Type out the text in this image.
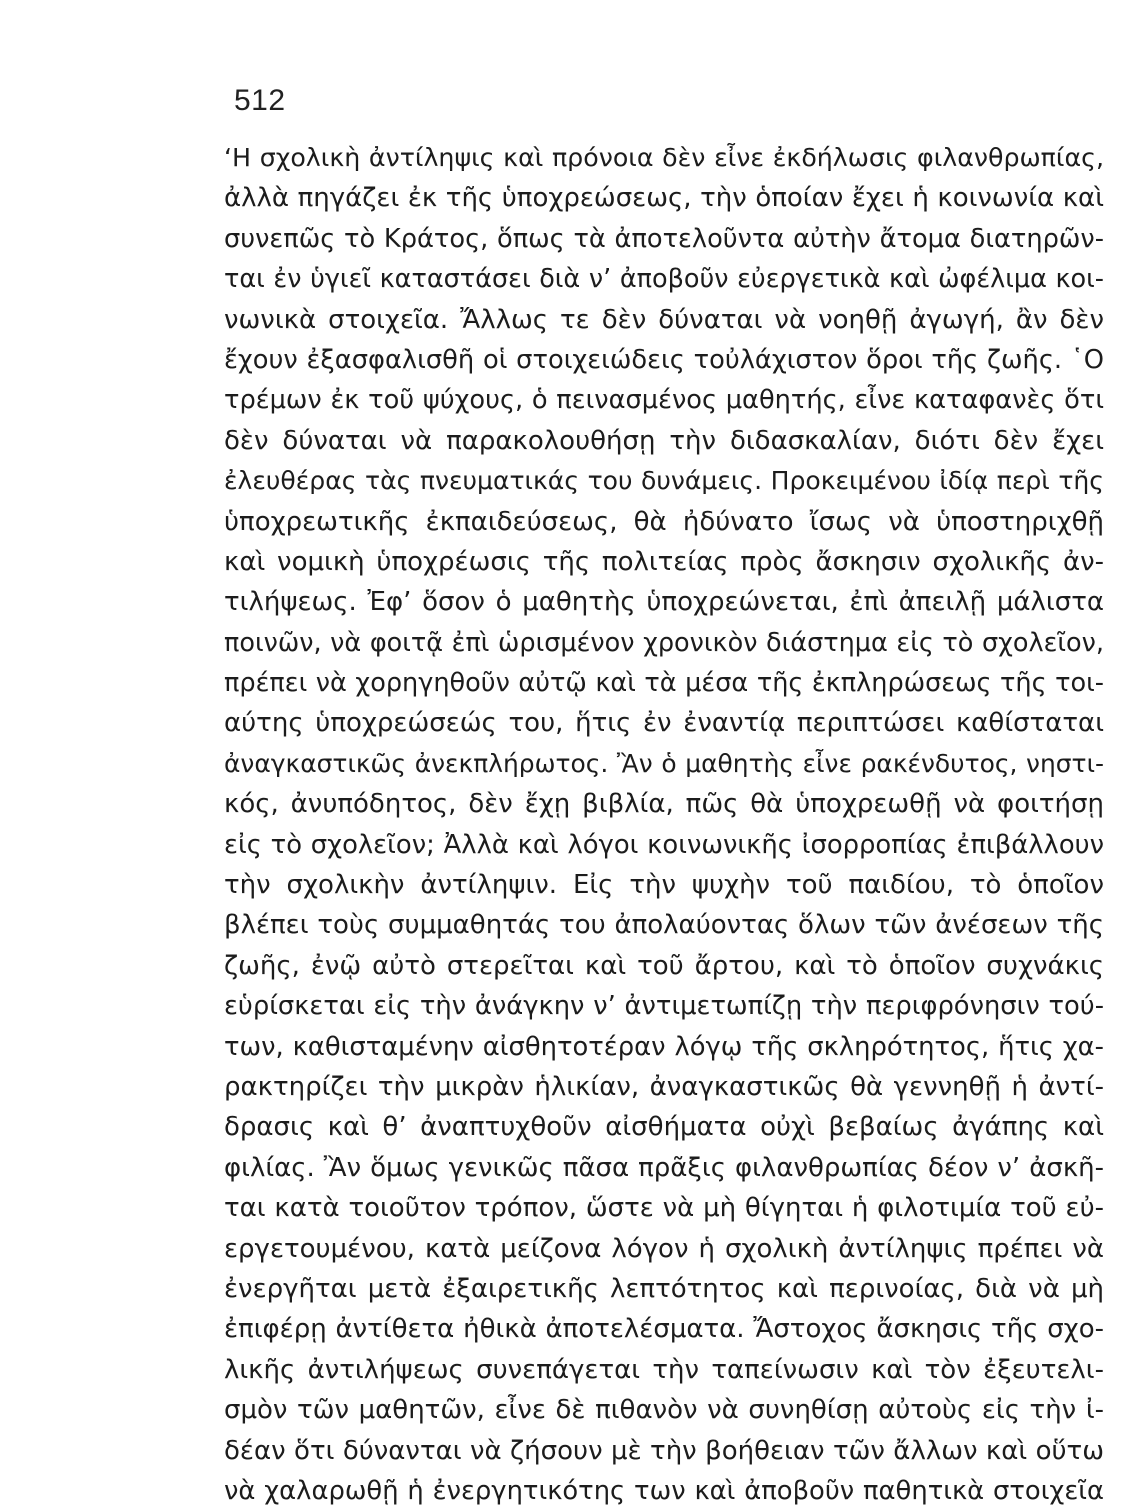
512
‘Η σχολικὴ ἀντίληψις καὶ πρόνοια δὲν εἶνε ἐκδήλωσις φιλανθρωπίας,
ἀλλὰ πηγάζει ἐκ τῆς ὑποχρεώσεως, τὴν ὁποίαν ἔχει ἡ κοινωνία καὶ
συνεπῶς τὸ Κράτος, ὅπως τὰ ἀποτελοῦντα αὐτὴν ἄτομα διατηρῶν-
ται ἐν ὑγιεῖ καταστάσει διὰ ν’ ἀποβοῦν εὐεργετικὰ καὶ ὠφέλιμα κοι-
νωνικὰ στοιχεῖα. Ἄλλως τε δὲν δύναται νὰ νοηθῇ ἀγωγή, ἂν δὲν
ἔχουν ἐξασφαλισθῆ οἱ στοιχειώδεις τοὐλάχιστον ὅροι τῆς ζωῆς. ῾Ο
τρέμων ἐκ τοῦ ψύχους, ὁ πεινασμένος μαθητής, εἶνε καταφανὲς ὅτι
δὲν δύναται νὰ παρακολουθήσῃ τὴν διδασκαλίαν, διότι δὲν ἔχει
ἐλευθέρας τὰς πνευματικάς του δυνάμεις. Προκειμένου ἰδίᾳ περὶ τῆς
ὑποχρεωτικῆς ἐκπαιδεύσεως, θὰ ἠδύνατο ἴσως νὰ ὑποστηριχθῇ
καὶ νομικὴ ὑποχρέωσις τῆς πολιτείας πρὸς ἄσκησιν σχολικῆς ἀν-
τιλήψεως. Ἐφ’ ὅσον ὁ μαθητὴς ὑποχρεώνεται, ἐπὶ ἀπειλῇ μάλιστα
ποινῶν, νὰ φοιτᾷ ἐπὶ ὡρισμένον χρονικὸν διάστημα εἰς τὸ σχολεῖον,
πρέπει νὰ χορηγηθοῦν αὐτῷ καὶ τὰ μέσα τῆς ἐκπληρώσεως τῆς τοι-
αύτης ὑποχρεώσεώς του, ἥτις ἐν ἐναντίᾳ περιπτώσει καθίσταται
ἀναγκαστικῶς ἀνεκπλήρωτος. Ἂν ὁ μαθητὴς εἶνε ρακένδυτος, νηστι-
κός, ἀνυπόδητος, δὲν ἔχῃ βιβλία, πῶς θὰ ὑποχρεωθῇ νὰ φοιτήσῃ
εἰς τὸ σχολεῖον; Ἀλλὰ καὶ λόγοι κοινωνικῆς ἰσορροπίας ἐπιβάλλουν
τὴν σχολικὴν ἀντίληψιν. Εἰς τὴν ψυχὴν τοῦ παιδίου, τὸ ὁποῖον
βλέπει τοὺς συμμαθητάς του ἀπολαύοντας ὅλων τῶν ἀνέσεων τῆς
ζωῆς, ἐνῷ αὐτὸ στερεῖται καὶ τοῦ ἄρτου, καὶ τὸ ὁποῖον συχνάκις
εὑρίσκεται εἰς τὴν ἀνάγκην ν’ ἀντιμετωπίζῃ τὴν περιφρόνησιν τού-
των, καθισταμένην αἰσθητοτέραν λόγῳ τῆς σκληρότητος, ἥτις χα-
ρακτηρίζει τὴν μικρὰν ἡλικίαν, ἀναγκαστικῶς θὰ γεννηθῇ ἡ ἀντί-
δρασις καὶ θ’ ἀναπτυχθοῦν αἰσθήματα οὐχὶ βεβαίως ἀγάπης καὶ
φιλίας. Ἂν ὅμως γενικῶς πᾶσα πρᾶξις φιλανθρωπίας δέον ν’ ἀσκῆ-
ται κατὰ τοιοῦτον τρόπον, ὥστε νὰ μὴ θίγηται ἡ φιλοτιμία τοῦ εὐ-
εργετουμένου, κατὰ μείζονα λόγον ἡ σχολικὴ ἀντίληψις πρέπει νὰ
ἐνεργῆται μετὰ ἐξαιρετικῆς λεπτότητος καὶ περινοίας, διὰ νὰ μὴ
ἐπιφέρῃ ἀντίθετα ἠθικὰ ἀποτελέσματα. Ἄστοχος ἄσκησις τῆς σχο-
λικῆς ἀντιλήψεως συνεπάγεται τὴν ταπείνωσιν καὶ τὸν ἐξευτελι-
σμὸν τῶν μαθητῶν, εἶνε δὲ πιθανὸν νὰ συνηθίσῃ αὐτοὺς εἰς τὴν ἰ-
δέαν ὅτι δύνανται νὰ ζήσουν μὲ τὴν βοήθειαν τῶν ἄλλων καὶ οὕτω
νὰ χαλαρωθῇ ἡ ἐνεργητικότης των καὶ ἀποβοῦν παθητικὰ στοιχεῖα
